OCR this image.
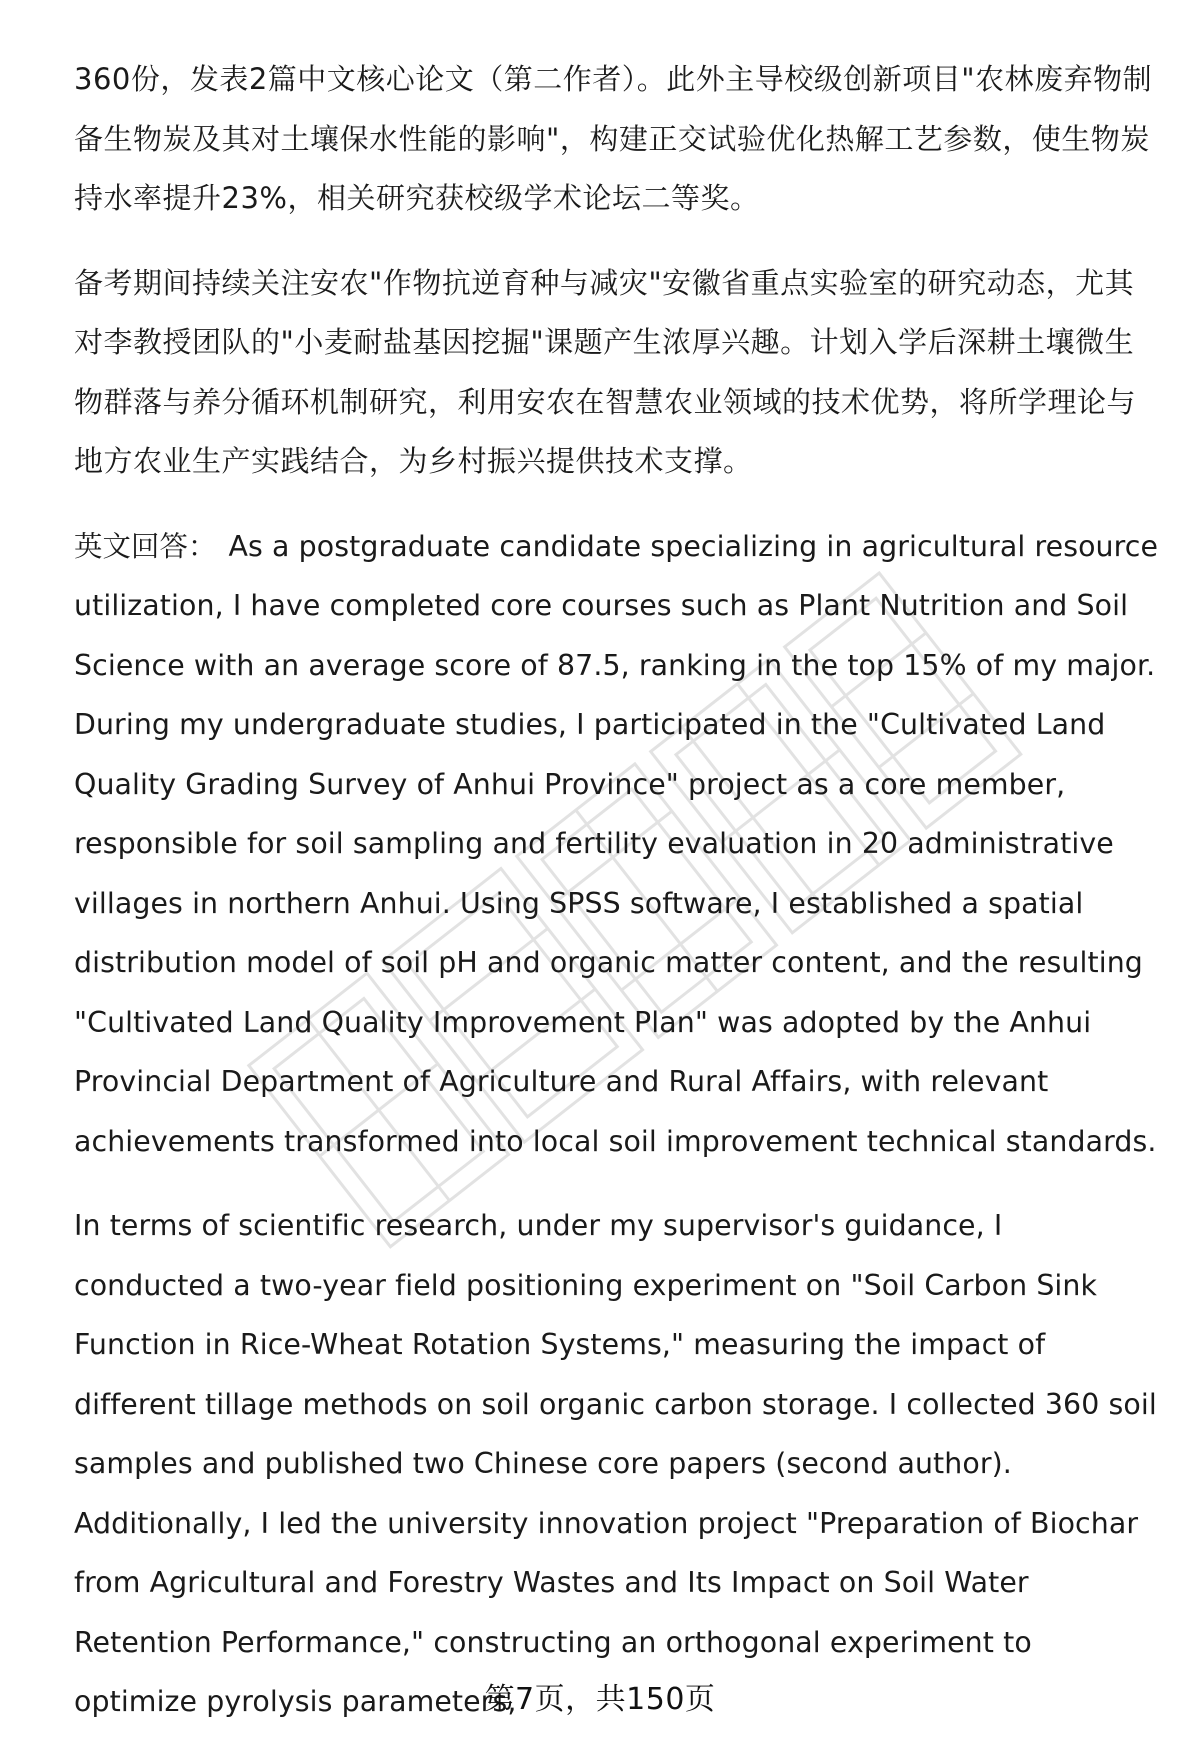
360份，发表2篇中文核心论文（第二作者）。此外主导校级创新项目"农林废弃物制备生物炭及其对土壤保水性能的影响"，构建正交试验优化热解工艺参数，使生物炭持水率提升23%，相关研究获校级学术论坛二等奖。

备考期间持续关注安农"作物抗逆育种与减灾"安徽省重点实验室的研究动态，尤其对李教授团队的"小麦耐盐基因挖掘"课题产生浓厚兴趣。计划入学后深耕土壤微生物群落与养分循环机制研究，利用安农在智慧农业领域的技术优势，将所学理论与地方农业生产实践结合，为乡村振兴提供技术支撑。

英文回答： As a postgraduate candidate specializing in agricultural resource utilization, I have completed core courses such as Plant Nutrition and Soil Science with an average score of 87.5, ranking in the top 15% of my major. During my undergraduate studies, I participated in the "Cultivated Land Quality Grading Survey of Anhui Province" project as a core member, responsible for soil sampling and fertility evaluation in 20 administrative villages in northern Anhui. Using SPSS software, I established a spatial distribution model of soil pH and organic matter content, and the resulting "Cultivated Land Quality Improvement Plan" was adopted by the Anhui Provincial Department of Agriculture and Rural Affairs, with relevant achievements transformed into local soil improvement technical standards.

In terms of scientific research, under my supervisor's guidance, I conducted a two-year field positioning experiment on "Soil Carbon Sink Function in Rice-Wheat Rotation Systems," measuring the impact of different tillage methods on soil organic carbon storage. I collected 360 soil samples and published two Chinese core papers (second author). Additionally, I led the university innovation project "Preparation of Biochar from Agricultural and Forestry Wastes and Its Impact on Soil Water Retention Performance," constructing an orthogonal experiment to optimize pyrolysis parameters,

第7页，共150页
